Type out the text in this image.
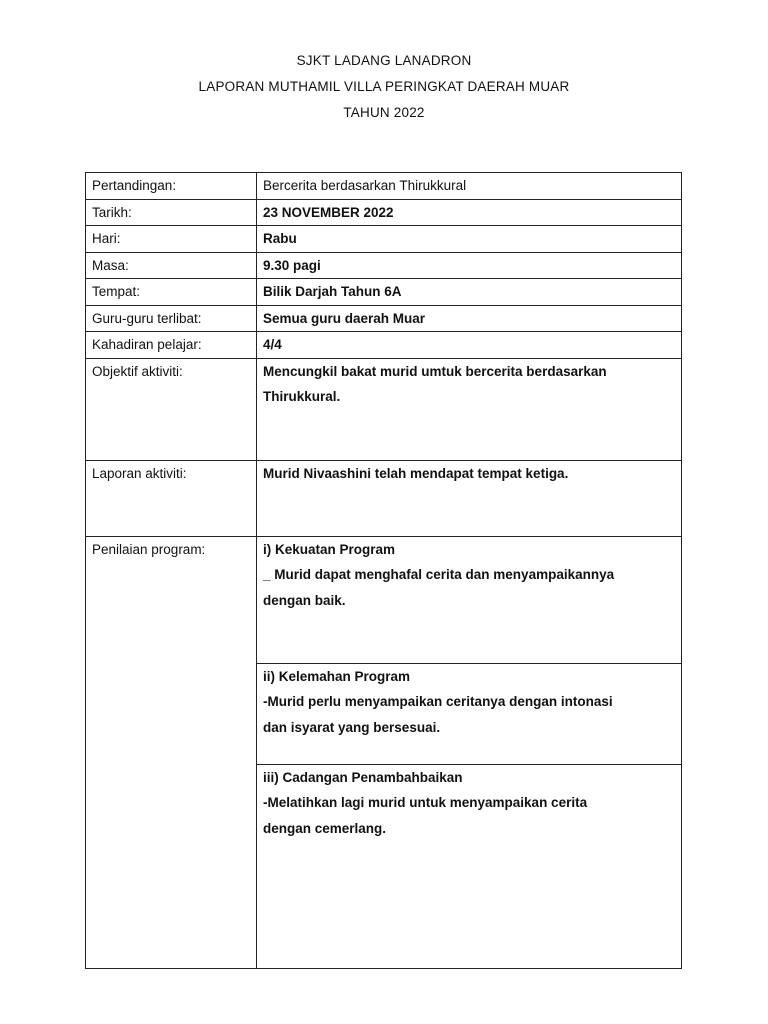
SJKT LADANG LANADRON
LAPORAN MUTHAMIL VILLA PERINGKAT DAERAH MUAR
TAHUN 2022
Pertandingan:	Bercerita berdasarkan Thirukkural
Tarikh:	23 NOVEMBER 2022
Hari:	Rabu
Masa:	9.30 pagi
Tempat:	Bilik Darjah Tahun 6A
Guru-guru terlibat:	Semua guru daerah Muar
Kahadiran pelajar:	4/4
Objektif aktiviti:	Mencungkil bakat murid umtuk bercerita berdasarkan
Thirukkural.

Laporan aktiviti:	Murid Nivaashini telah mendapat tempat ketiga.
Penilaian program:	i) Kekuatan Program
_ Murid dapat menghafal cerita dan menyampaikannya
dengan baik.

	ii) Kelemahan Program
-Murid perlu menyampaikan ceritanya dengan intonasi
dan isyarat yang bersesuai.

	iii) Cadangan Penambahbaikan
-Melatihkan lagi murid untuk menyampaikan cerita
dengan cemerlang.
